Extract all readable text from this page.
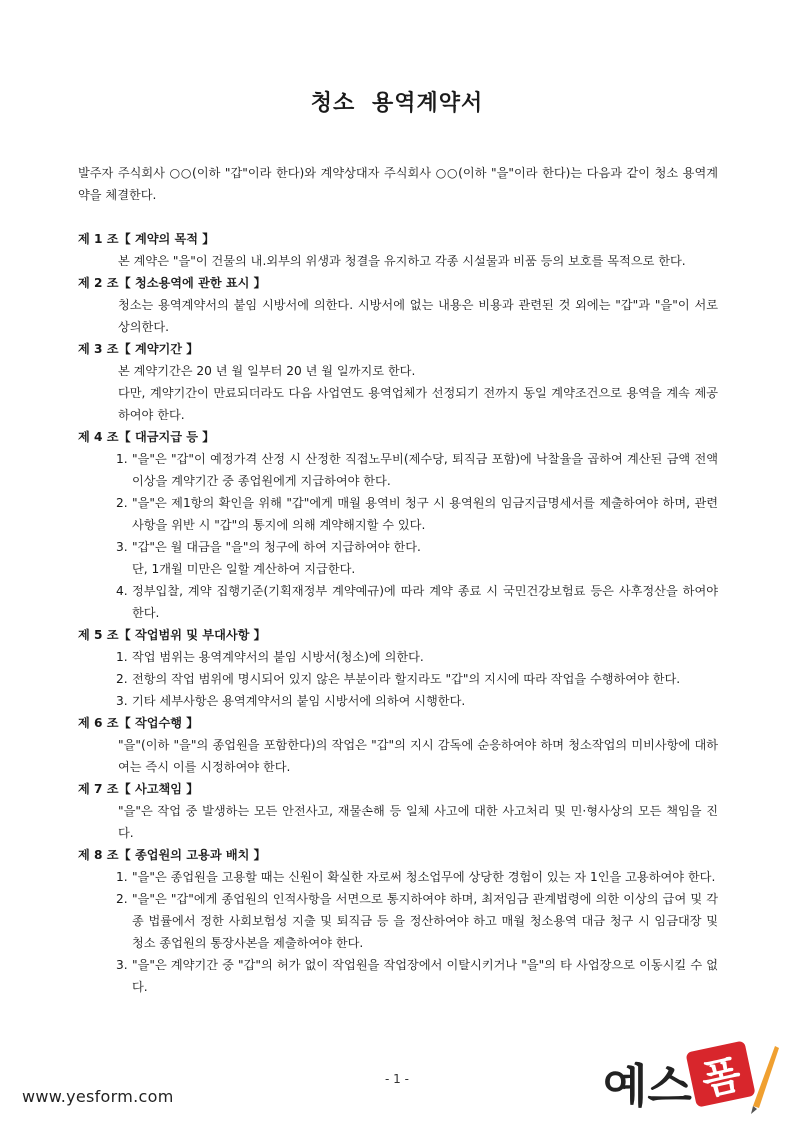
청소 용역계약서
발주자 주식회사 ○○(이하 "갑"이라 한다)와 계약상대자 주식회사 ○○(이하 "을"이라 한다)는 다음과 같이 청소 용역계약을 체결한다.
제 1 조【 계약의 목적 】
본 계약은 "을"이 건물의 내.외부의 위생과 청결을 유지하고 각종 시설물과 비품 등의 보호를 목적으로 한다.
제 2 조【 청소용역에 관한 표시 】
청소는 용역계약서의 붙임 시방서에 의한다. 시방서에 없는 내용은 비용과 관련된 것 외에는 "갑"과 "을"이 서로 상의한다.
제 3 조【 계약기간 】
본 계약기간은 20 년 월 일부터 20 년 월 일까지로 한다.
다만, 계약기간이 만료되더라도 다음 사업연도 용역업체가 선정되기 전까지 동일 계약조건으로 용역을 계속 제공하여야 한다.
제 4 조【 대금지급 등 】
1. "을"은 "갑"이 예정가격 산정 시 산정한 직접노무비(제수당, 퇴직금 포함)에 낙찰율을 곱하여 계산된 금액 전액 이상을 계약기간 중 종업원에게 지급하여야 한다.
2. "을"은 제1항의 확인을 위해 "갑"에게 매월 용역비 청구 시 용역원의 임금지급명세서를 제출하여야 하며, 관련사항을 위반 시 "갑"의 통지에 의해 계약해지할 수 있다.
3. "갑"은 월 대금을 "을"의 청구에 하여 지급하여야 한다.
단, 1개월 미만은 일할 계산하여 지급한다.
4. 정부입찰, 계약 집행기준(기획재정부 계약예규)에 따라 계약 종료 시 국민건강보험료 등은 사후정산을 하여야 한다.
제 5 조【 작업범위 및 부대사항 】
1. 작업 범위는 용역계약서의 붙임 시방서(청소)에 의한다.
2. 전항의 작업 범위에 명시되어 있지 않은 부분이라 할지라도 "갑"의 지시에 따라 작업을 수행하여야 한다.
3. 기타 세부사항은 용역계약서의 붙임 시방서에 의하여 시행한다.
제 6 조【 작업수행 】
"을"(이하 "을"의 종업원을 포함한다)의 작업은 "갑"의 지시 감독에 순응하여야 하며 청소작업의 미비사항에 대하여는 즉시 이를 시정하여야 한다.
제 7 조【 사고책임 】
"을"은 작업 중 발생하는 모든 안전사고, 재물손해 등 일체 사고에 대한 사고처리 및 민·형사상의 모든 책임을 진다.
제 8 조【 종업원의 고용과 배치 】
1. "을"은 종업원을 고용할 때는 신원이 확실한 자로써 청소업무에 상당한 경험이 있는 자 1인을 고용하여야 한다.
2. "을"은 "갑"에게 종업원의 인적사항을 서면으로 통지하여야 하며, 최저임금 관계법령에 의한 이상의 급여 및 각종 법률에서 정한 사회보험성 지출 및 퇴직금 등 을 정산하여야 하고 매월 청소용역 대금 청구 시 임금대장 및 청소 종업원의 통장사본을 제출하여야 한다.
3. "을"은 계약기간 중 "갑"의 허가 없이 작업원을 작업장에서 이탈시키거나 "을"의 타 사업장으로 이동시킬 수 없다.
- 1 -
www.yesform.com	예스 폼
